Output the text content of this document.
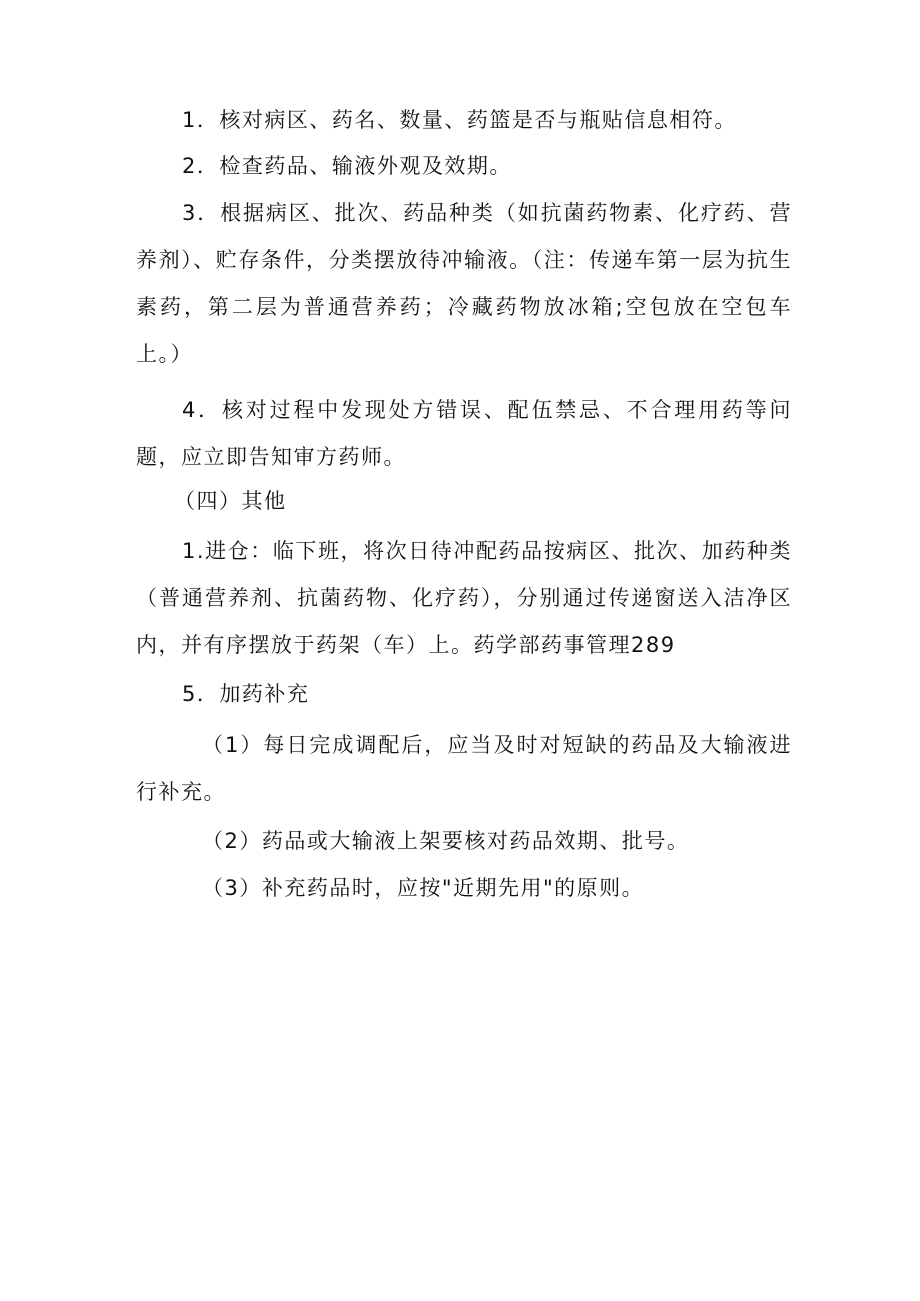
1．核对病区、药名、数量、药篮是否与瓶贴信息相符。

2．检查药品、输液外观及效期。

3．根据病区、批次、药品种类（如抗菌药物素、化疗药、营养剂）、贮存条件，分类摆放待冲输液。（注：传递车第一层为抗生素药，第二层为普通营养药；冷藏药物放冰箱;空包放在空包车上。）

4．核对过程中发现处方错误、配伍禁忌、不合理用药等问题，应立即告知审方药师。

（四）其他

1.进仓：临下班，将次日待冲配药品按病区、批次、加药种类（普通营养剂、抗菌药物、化疗药），分别通过传递窗送入洁净区内，并有序摆放于药架（车）上。药学部药事管理289

5．加药补充

（1）每日完成调配后，应当及时对短缺的药品及大输液进行补充。

（2）药品或大输液上架要核对药品效期、批号。

（3）补充药品时，应按"近期先用"的原则。
